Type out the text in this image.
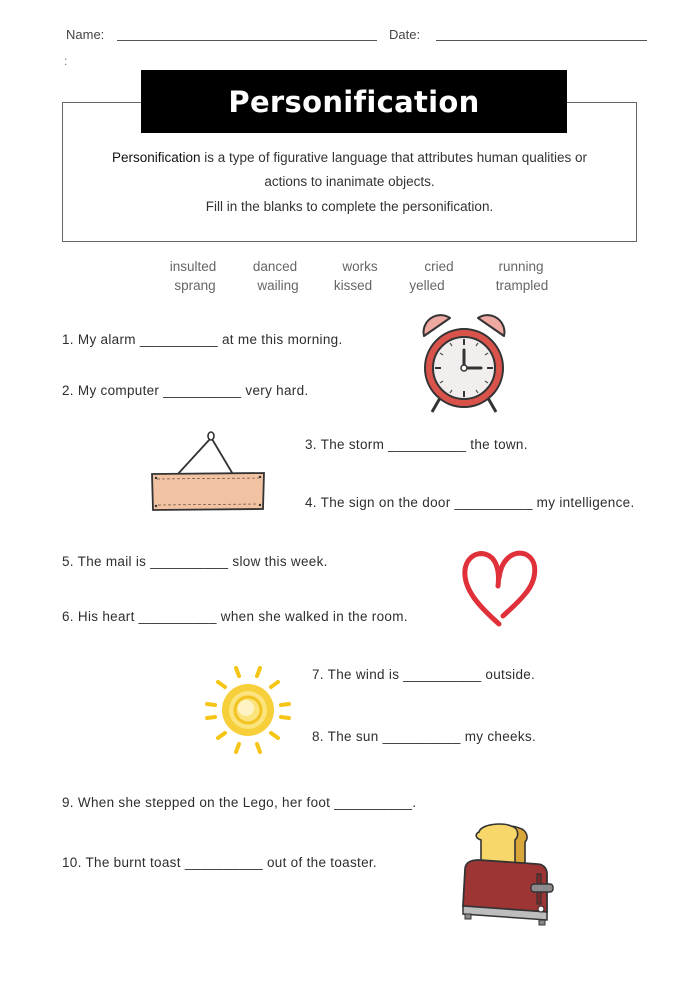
Name:	Date:
:
Personification
Personification is a type of figurative language that attributes human qualities or
actions to inanimate objects.
Fill in the blanks to complete the personification.
insulted	danced	works	cried	running
sprang	wailing	kissed	yelled	trampled
1. My alarm __________ at me this morning.
2. My computer __________ very hard.
3. The storm __________ the town.
4. The sign on the door __________ my intelligence.
5. The mail is __________ slow this week.
6. His heart __________ when she walked in the room.
7. The wind is __________ outside.
8. The sun __________ my cheeks.
9. When she stepped on the Lego, her foot __________.
10. The burnt toast __________ out of the toaster.
